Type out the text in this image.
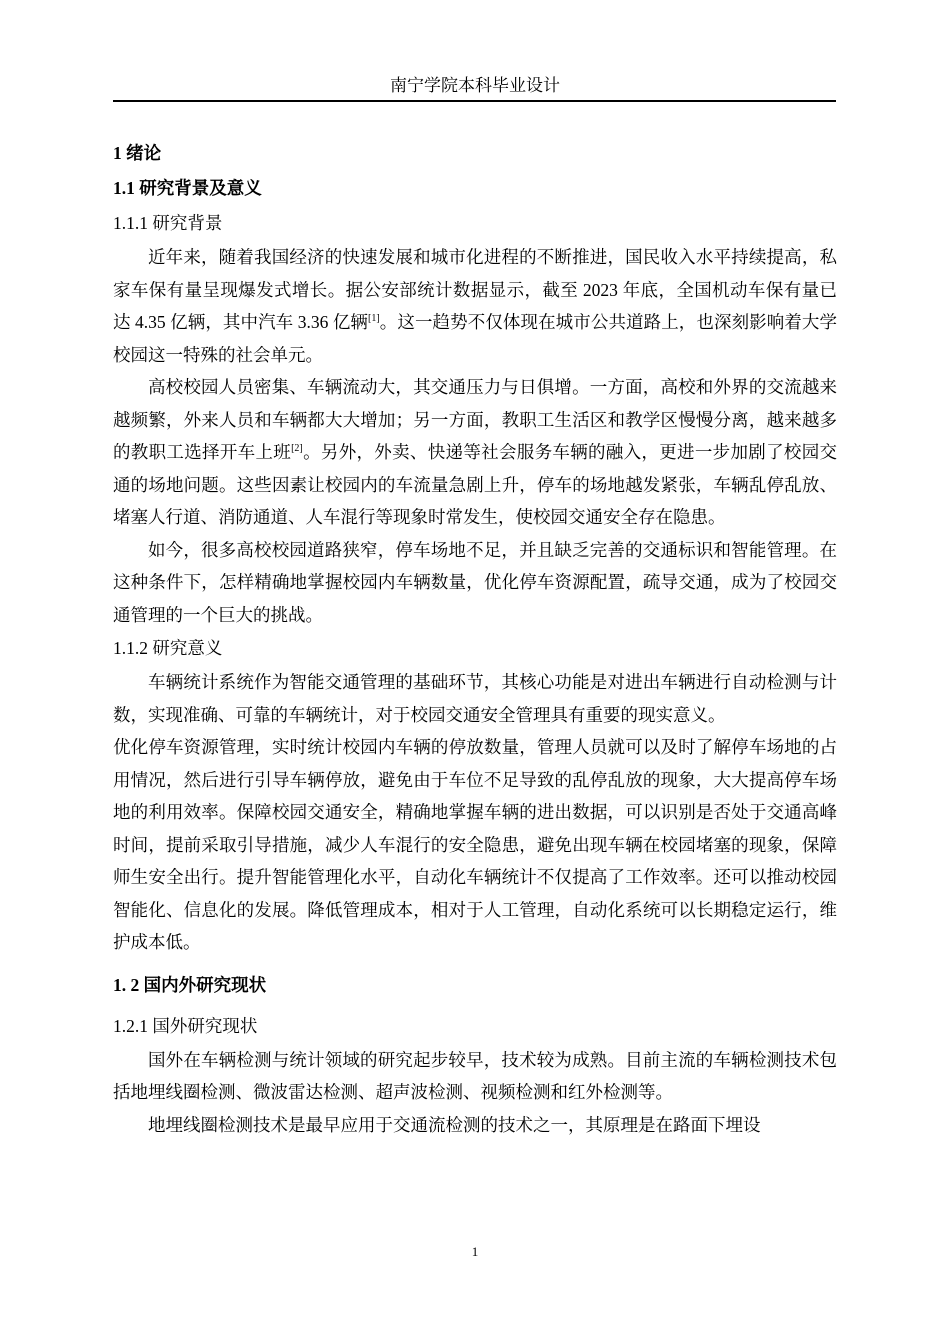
南宁学院本科毕业设计

1 绪论

1.1 研究背景及意义

1.1.1 研究背景

近年来，随着我国经济的快速发展和城市化进程的不断推进，国民收入水平持续提高，私家车保有量呈现爆发式增长。据公安部统计数据显示，截至 2023 年底，全国机动车保有量已达 4.35 亿辆，其中汽车 3.36 亿辆[1]。这一趋势不仅体现在城市公共道路上，也深刻影响着大学校园这一特殊的社会单元。

高校校园人员密集、车辆流动大，其交通压力与日俱增。一方面，高校和外界的交流越来越频繁，外来人员和车辆都大大增加；另一方面，教职工生活区和教学区慢慢分离，越来越多的教职工选择开车上班[2]。另外，外卖、快递等社会服务车辆的融入，更进一步加剧了校园交通的场地问题。这些因素让校园内的车流量急剧上升，停车的场地越发紧张，车辆乱停乱放、堵塞人行道、消防通道、人车混行等现象时常发生，使校园交通安全存在隐患。

如今，很多高校校园道路狭窄，停车场地不足，并且缺乏完善的交通标识和智能管理。在这种条件下，怎样精确地掌握校园内车辆数量，优化停车资源配置，疏导交通，成为了校园交通管理的一个巨大的挑战。

1.1.2 研究意义

车辆统计系统作为智能交通管理的基础环节，其核心功能是对进出车辆进行自动检测与计数，实现准确、可靠的车辆统计，对于校园交通安全管理具有重要的现实意义。

优化停车资源管理，实时统计校园内车辆的停放数量，管理人员就可以及时了解停车场地的占用情况，然后进行引导车辆停放，避免由于车位不足导致的乱停乱放的现象，大大提高停车场地的利用效率。保障校园交通安全，精确地掌握车辆的进出数据，可以识别是否处于交通高峰时间，提前采取引导措施，减少人车混行的安全隐患，避免出现车辆在校园堵塞的现象，保障师生安全出行。提升智能管理化水平，自动化车辆统计不仅提高了工作效率。还可以推动校园智能化、信息化的发展。降低管理成本，相对于人工管理，自动化系统可以长期稳定运行，维护成本低。

1. 2 国内外研究现状

1.2.1 国外研究现状

国外在车辆检测与统计领域的研究起步较早，技术较为成熟。目前主流的车辆检测技术包括地埋线圈检测、微波雷达检测、超声波检测、视频检测和红外检测等。

地埋线圈检测技术是最早应用于交通流检测的技术之一，其原理是在路面下埋设

1
